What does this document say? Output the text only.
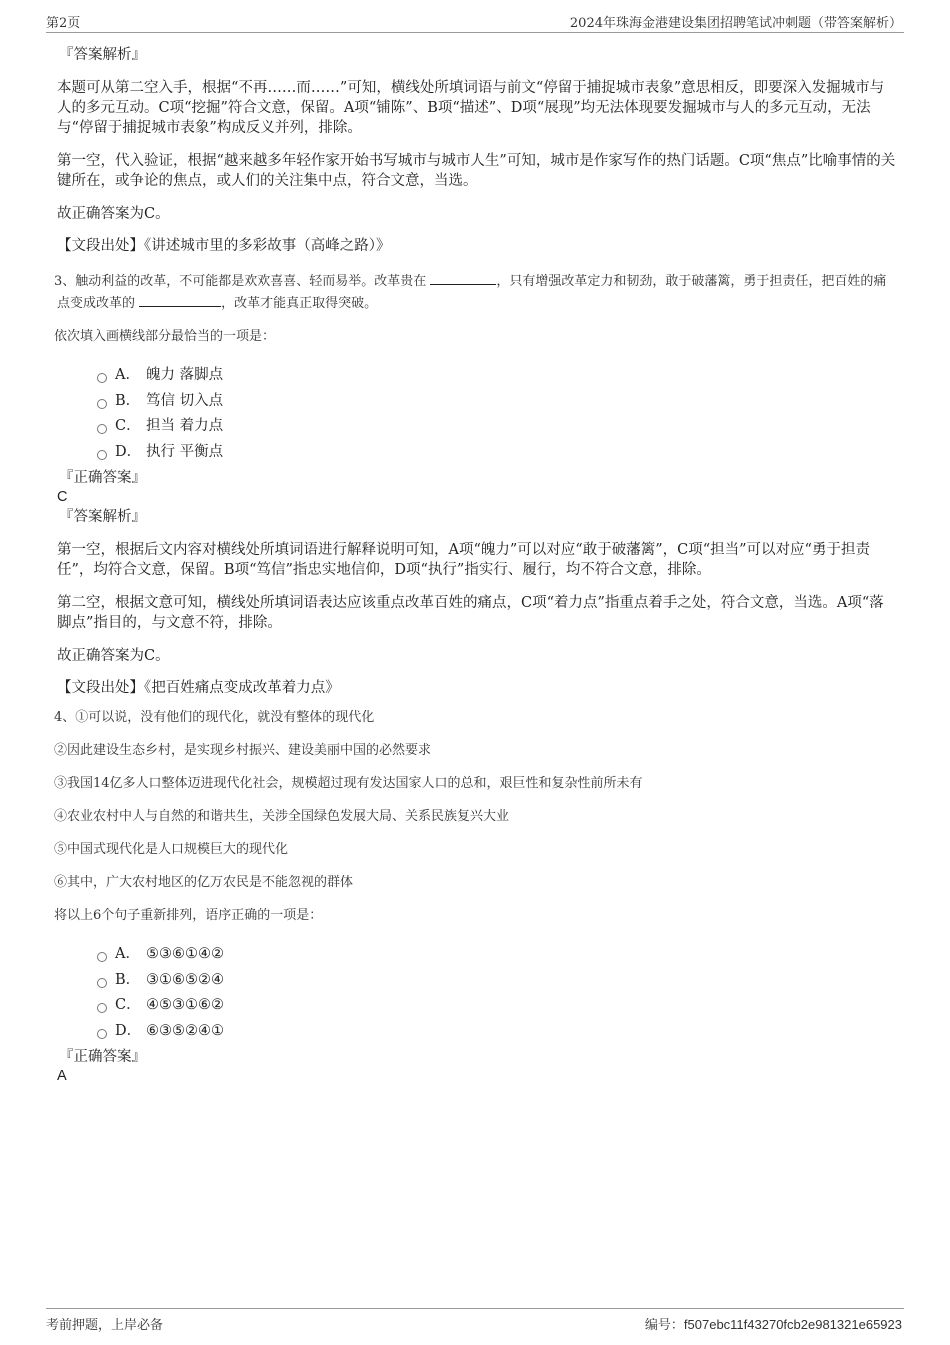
第2页	2024年珠海金港建设集团招聘笔试冲刺题（带答案解析）
『答案解析』

本题可从第二空入手，根据“不再……而……”可知，横线处所填词语与前文“停留于捕捉城市表象”意思相反，即要深入发掘城市与人的多元互动。C项“挖掘”符合文意，保留。A项“铺陈”、B项“描述”、D项“展现”均无法体现要发掘城市与人的多元互动，无法与“停留于捕捉城市表象”构成反义并列，排除。

第一空，代入验证，根据“越来越多年轻作家开始书写城市与城市人生”可知，城市是作家写作的热门话题。C项“焦点”比喻事情的关键所在，或争论的焦点，或人们的关注集中点，符合文意，当选。

故正确答案为C。

【文段出处】《讲述城市里的多彩故事（高峰之路）》

3、触动利益的改革，不可能都是欢欢喜喜、轻而易举。改革贵在	，只有增强改革定力和韧劲，敢于破藩篱，勇于担责任，把百姓的痛点变成改革的	，改革才能真正取得突破。

依次填入画横线部分最恰当的一项是：

A． 魄力 落脚点
B． 笃信 切入点
C． 担当 着力点
D． 执行 平衡点
『正确答案』

C

『答案解析』

第一空，根据后文内容对横线处所填词语进行解释说明可知，A项“魄力”可以对应“敢于破藩篱”，C项“担当”可以对应“勇于担责任”，均符合文意，保留。B项“笃信”指忠实地信仰，D项“执行”指实行、履行，均不符合文意，排除。

第二空，根据文意可知，横线处所填词语表达应该重点改革百姓的痛点，C项“着力点”指重点着手之处，符合文意，当选。A项“落脚点”指目的，与文意不符，排除。

故正确答案为C。

【文段出处】《把百姓痛点变成改革着力点》

4、①可以说，没有他们的现代化，就没有整体的现代化

②因此建设生态乡村，是实现乡村振兴、建设美丽中国的必然要求

③我国14亿多人口整体迈进现代化社会，规模超过现有发达国家人口的总和，艰巨性和复杂性前所未有

④农业农村中人与自然的和谐共生，关涉全国绿色发展大局、关系民族复兴大业

⑤中国式现代化是人口规模巨大的现代化

⑥其中，广大农村地区的亿万农民是不能忽视的群体

将以上6个句子重新排列，语序正确的一项是：

A． ⑤③⑥①④②
B． ③①⑥⑤②④
C． ④⑤③①⑥②
D． ⑥③⑤②④①
『正确答案』

A

考前押题，上岸必备	编号：f507ebc11f43270fcb2e981321e65923
